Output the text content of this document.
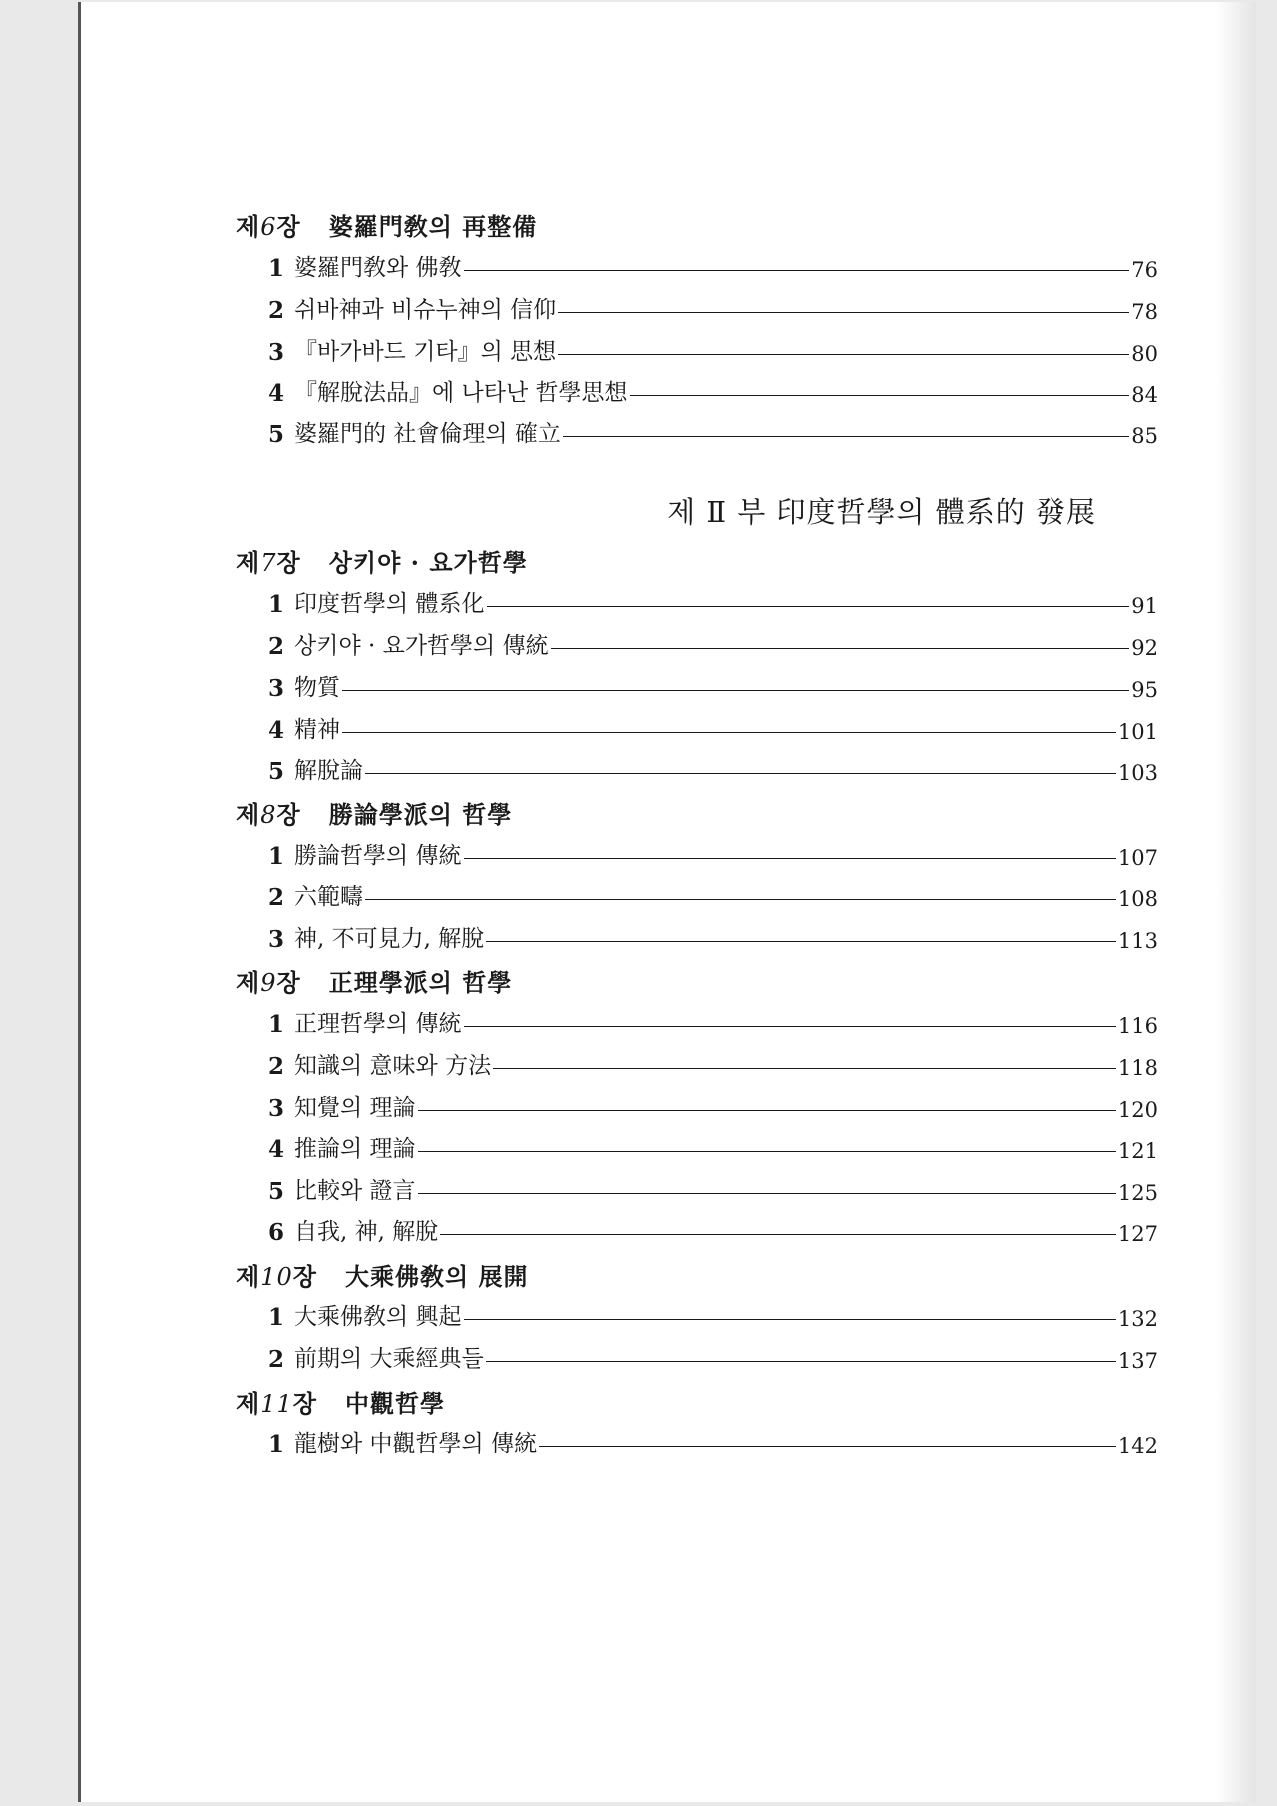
제 Ⅱ 부 印度哲學의 體系的 發展
제6장 婆羅門敎의 再整備
1 婆羅門敎와 佛敎	76
2 쉬바神과 비슈누神의 信仰	78
3 『바가바드 기타』의 思想	80
4 『解脫法品』에 나타난 哲學思想	84
5 婆羅門的 社會倫理의 確立	85
제7장 상키야 · 요가哲學
1 印度哲學의 體系化	91
2 상키야 · 요가哲學의 傳統	92
3 物質	95
4 精神	101
5 解脫論	103
제8장 勝論學派의 哲學
1 勝論哲學의 傳統	107
2 六範疇	108
3 神, 不可見力, 解脫	113
제9장 正理學派의 哲學
1 正理哲學의 傳統	116
2 知識의 意味와 方法	118
3 知覺의 理論	120
4 推論의 理論	121
5 比較와 證言	125
6 自我, 神, 解脫	127
제10장 大乘佛敎의 展開
1 大乘佛敎의 興起	132
2 前期의 大乘經典들	137
제11장 中觀哲學
1 龍樹와 中觀哲學의 傳統	142
